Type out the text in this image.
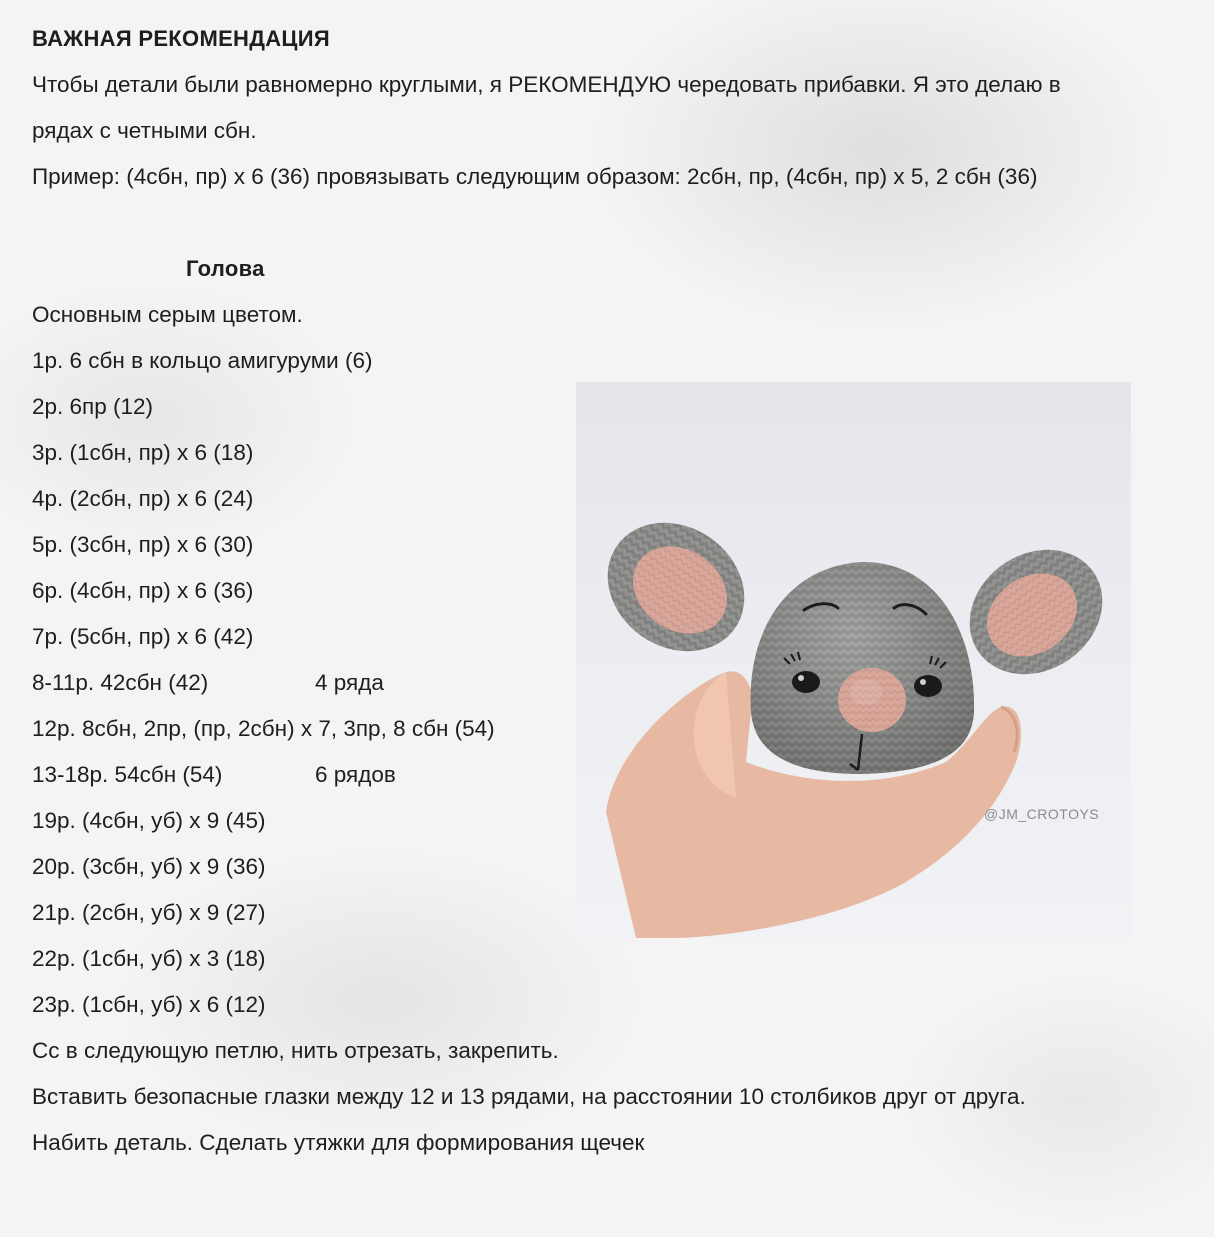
ВАЖНАЯ РЕКОМЕНДАЦИЯ
Чтобы детали были равномерно круглыми, я РЕКОМЕНДУЮ чередовать прибавки. Я это делаю в
рядах с четными сбн.
Пример: (4сбн, пр) х 6 (36) провязывать следующим образом: 2сбн, пр, (4сбн, пр) х 5, 2 сбн (36)
Голова
Основным серым цветом.
1р. 6 сбн в кольцо амигуруми (6)
2р. 6пр (12)
3р. (1сбн, пр) х 6 (18)
4р. (2сбн, пр) х 6 (24)
5р. (3сбн, пр) х 6 (30)
6р. (4сбн, пр) х 6 (36)
7р. (5сбн, пр) х 6 (42)
8-11р. 42сбн (42)	4 ряда
12р. 8сбн, 2пр, (пр, 2сбн) х 7, 3пр, 8 сбн (54)
13-18р. 54сбн (54)	6 рядов
19р. (4сбн, уб) х 9 (45)
20р. (3сбн, уб) х 9 (36)
21р. (2сбн, уб) х 9 (27)
22р. (1сбн, уб) х 3 (18)
23р. (1сбн, уб) х 6 (12)
Сс в следующую петлю, нить отрезать, закрепить.
Вставить безопасные глазки между 12 и 13 рядами, на расстоянии 10 столбиков друг от друга.
Набить деталь. Сделать утяжки для формирования щечек
@JM_CROTOYS
